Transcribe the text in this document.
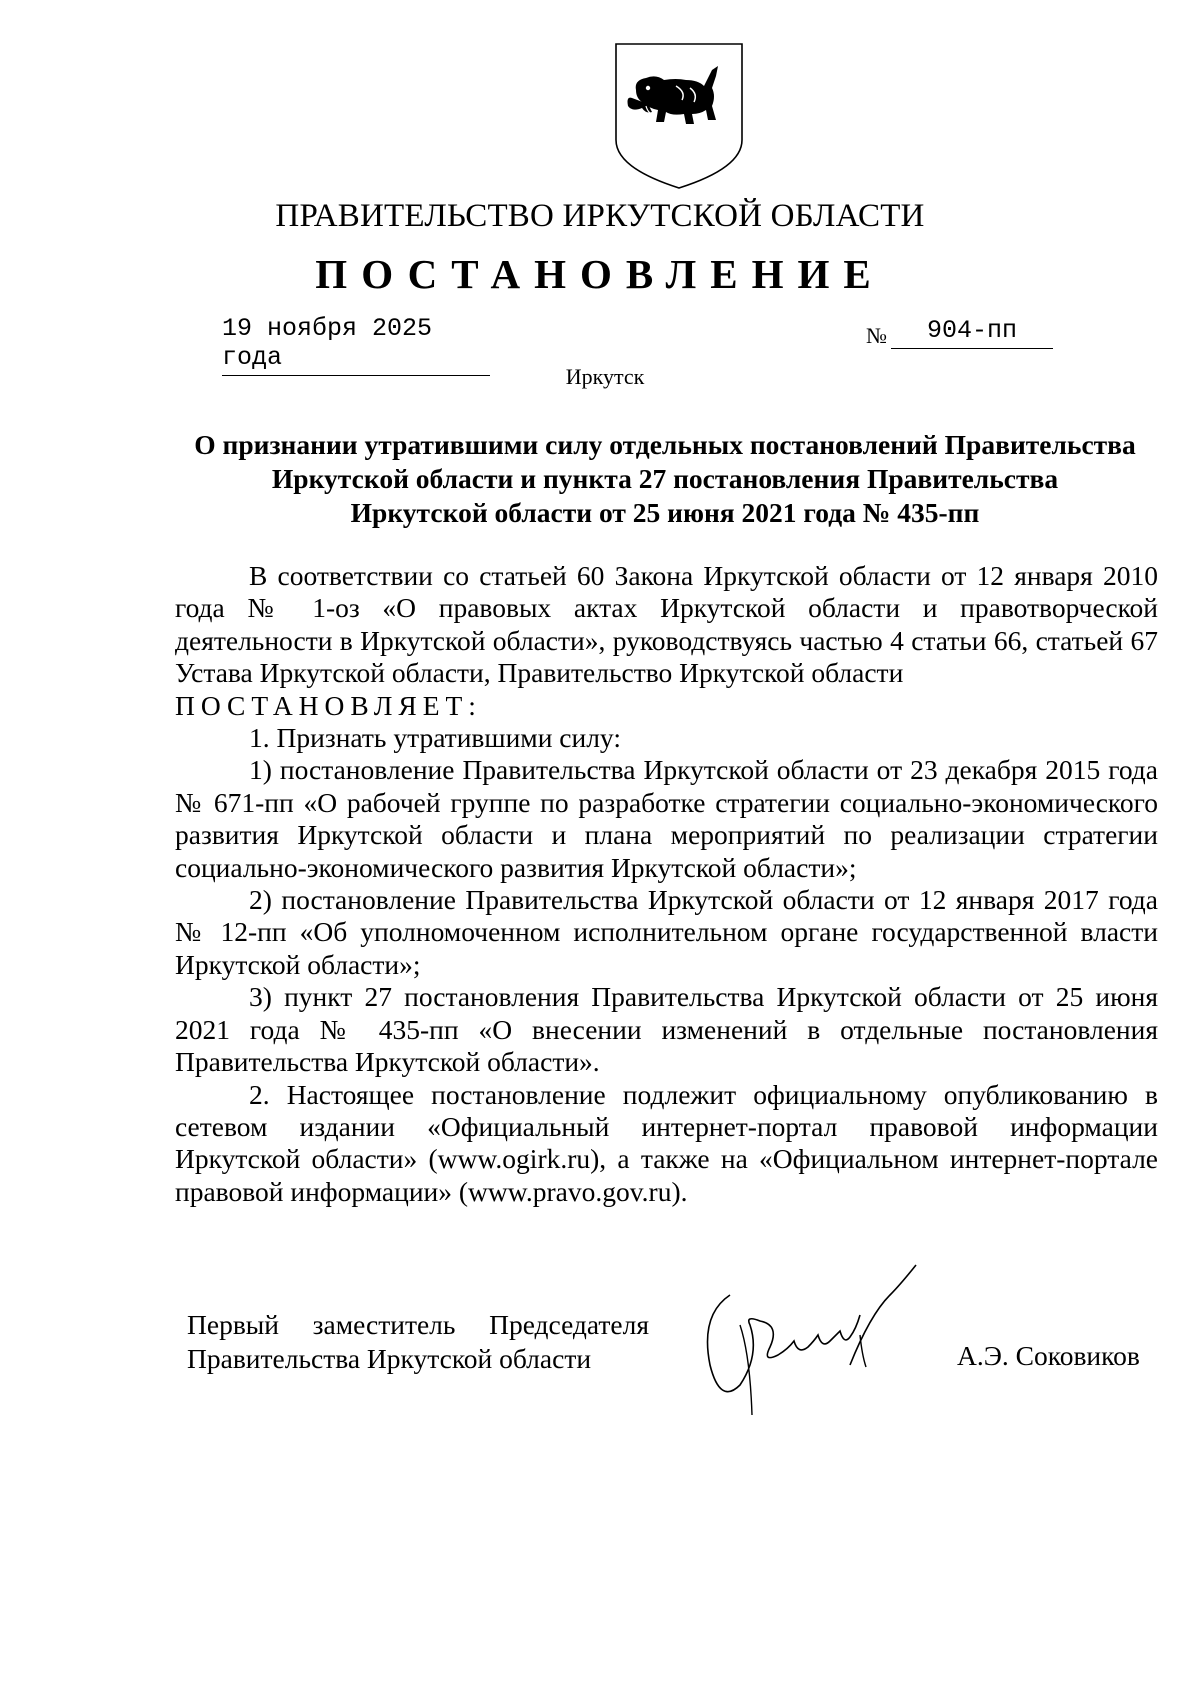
ПРАВИТЕЛЬСТВО ИРКУТСКОЙ ОБЛАСТИ
ПОСТАНОВЛЕНИЕ
19 ноября 2025 года
№ 904-пп
Иркутск
О признании утратившими силу отдельных постановлений Правительства
Иркутской области и пункта 27 постановления Правительства
Иркутской области от 25 июня 2021 года № 435-пп

В соответствии со статьей 60 Закона Иркутской области от 12 января 2010 года № 1-оз «О правовых актах Иркутской области и правотворческой деятельности в Иркутской области», руководствуясь частью 4 статьи 66, статьей 67 Устава Иркутской области, Правительство Иркутской области

ПОСТАНОВЛЯЕТ:

1. Признать утратившими силу:

1) постановление Правительства Иркутской области от 23 декабря 2015 года № 671-пп «О рабочей группе по разработке стратегии социально-экономического развития Иркутской области и плана мероприятий по реализации стратегии социально-экономического развития Иркутской области»;

2) постановление Правительства Иркутской области от 12 января 2017 года № 12-пп «Об уполномоченном исполнительном органе государственной власти Иркутской области»;

3) пункт 27 постановления Правительства Иркутской области от 25 июня 2021 года № 435-пп «О внесении изменений в отдельные постановления Правительства Иркутской области».

2. Настоящее постановление подлежит официальному опубликованию в сетевом издании «Официальный интернет-портал правовой информации Иркутской области» (www.ogirk.ru), а также на «Официальном интернет-портале правовой информации» (www.pravo.gov.ru).

Первый заместитель Председателя
Правительства Иркутской области	А.Э. Соковиков
